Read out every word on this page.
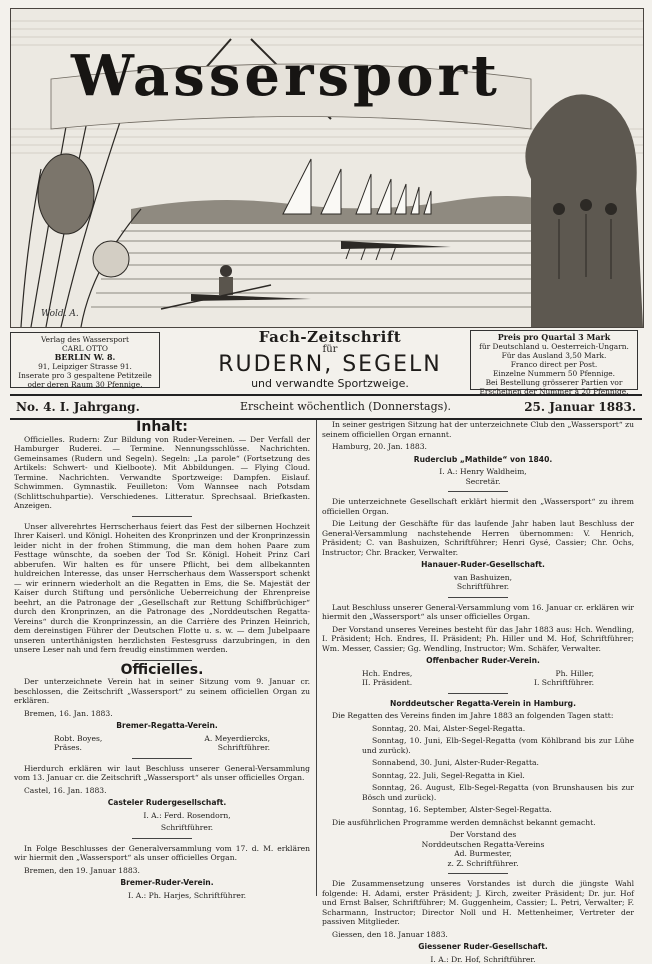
Wassersport
Wold. A.
Verlag des Wassersport
CARL OTTO
BERLIN W. 8.
91, Leipziger Strasse 91.
Inserate pro 3 gespaltene Petitzeile
oder deren Raum 30 Pfennige.
Fach-Zeitschrift
für
RUDERN, SEGELN
und verwandte Sportzweige.
Preis pro Quartal 3 Mark
für Deutschland u. Oesterreich-Ungarn.
Für das Ausland 3,50 Mark.
Franco direct per Post.
Einzelne Nummern 50 Pfennige.
Bei Bestellung grösserer Partien vor
Erscheinen der Nummer à 20 Pfennige.
No. 4. I. Jahrgang.	Erscheint wöchentlich (Donnerstags).	25. Januar 1883.
Inhalt:

Officielles. Rudern: Zur Bildung von Ruder-Vereinen. — Der Verfall der Hamburger Ruderei. — Termine. Nennungsschlüsse. Nachrichten. Gemeinsames (Rudern und Segeln). Segeln: „La parole“ (Fortsetzung des Artikels: Schwert- und Kielboote). Mit Abbildungen. — Flying Cloud. Termine. Nachrichten. Verwandte Sportzweige: Dampfen. Eislauf. Schwimmen. Gymnastik. Feuilleton: Vom Wannsee nach Potsdam (Schlittschuhpartie). Verschiedenes. Litteratur. Sprechsaal. Briefkasten. Anzeigen.

Unser allverehrtes Herrscherhaus feiert das Fest der silbernen Hochzeit Ihrer Kaiserl. und Königl. Hoheiten des Kronprinzen und der Kronprinzessin leider nicht in der frohen Stimmung, die man dem hohen Paare zum Festtage wünschte, da soeben der Tod Sr. Königl. Hoheit Prinz Carl abberufen. Wir halten es für unsere Pflicht, bei dem allbekannten huldreichen Interesse, das unser Herrscherhaus dem Wassersport schenkt — wir erinnern wiederholt an die Regatten in Ems, die Se. Majestät der Kaiser durch Stiftung und persönliche Ueberreichung der Ehrenpreise beehrt, an die Patronage der „Gesellschaft zur Rettung Schiffbrüchiger“ durch den Kronprinzen, an die Patronage des „Norddeutschen Regatta-Vereins“ durch die Kronprinzessin, an die Carrière des Prinzen Heinrich, dem dereinstigen Führer der Deutschen Flotte u. s. w. — dem Jubelpaare unseren unterthänigsten herzlichsten Festesgruss darzubringen, in den unsere Leser nah und fern freudig einstimmen werden.

Officielles.

Der unterzeichnete Verein hat in seiner Sitzung vom 9. Januar cr. beschlossen, die Zeitschrift „Wassersport“ zu seinem officiellen Organ zu erklären.

Bremen, 16. Jan. 1883.

Bremer-Regatta-Verein.

Robt. Boyes,	A. Meyerdiercks,
Präses.	Schriftführer.

Hierdurch erklären wir laut Beschluss unserer General-Versammlung vom 13. Januar cr. die Zeitschrift „Wassersport“ als unser officielles Organ.

Castel, 16. Jan. 1883.

Casteler Rudergesellschaft.

I. A.: Ferd. Rosendorn,

Schriftführer.

In Folge Beschlusses der Generalversammlung vom 17. d. M. erklären wir hiermit den „Wassersport“ als unser officielles Organ.

Bremen, den 19. Januar 1883.

Bremer-Ruder-Verein.

I. A.: Ph. Harjes, Schriftführer.

In seiner gestrigen Sitzung hat der unterzeichnete Club den „Wassersport“ zu seinem officiellen Organ ernannt.

Hamburg, 20. Jan. 1883.

Ruderclub „Mathilde“ von 1840.

I. A.: Henry Waldheim,

Secretär.

Die unterzeichnete Gesellschaft erklärt hiermit den „Wassersport“ zu ihrem officiellen Organ.

Die Leitung der Geschäfte für das laufende Jahr haben laut Beschluss der General-Versammlung nachstehende Herren übernommen: V. Henrich, Präsident; C. van Bashuizen, Schriftführer; Henri Gysé, Cassier; Chr. Ochs, Instructor; Chr. Bracker, Verwalter.

Hanauer-Ruder-Gesellschaft.

van Bashuizen,

Schriftführer.

Laut Beschluss unserer General-Versammlung vom 16. Januar cr. erklären wir hiermit den „Wassersport“ als unser officielles Organ.

Der Vorstand unseres Vereines besteht für das Jahr 1883 aus: Hch. Wendling, I. Präsident; Hch. Endres, II. Präsident; Ph. Hiller und M. Hof, Schriftführer; Wm. Messer, Cassier; Gg. Wendling, Instructor; Wm. Schäfer, Verwalter.

Offenbacher Ruder-Verein.

Hch. Endres,	Ph. Hiller,
II. Präsident.	I. Schriftführer.

Norddeutscher Regatta-Verein in Hamburg.

Die Regatten des Vereins finden im Jahre 1883 an folgenden Tagen statt:

Sonntag, 20. Mai, Alster-Segel-Regatta.

Sonntag, 10. Juni, Elb-Segel-Regatta (vom Köhlbrand bis zur Lühe und zurück).

Sonnabend, 30. Juni, Alster-Ruder-Regatta.

Sonntag, 22. Juli, Segel-Regatta in Kiel.

Sonntag, 26. August, Elb-Segel-Regatta (von Brunshausen bis zur Bösch und zurück).

Sonntag, 16. September, Alster-Segel-Regatta.

Die ausführlichen Programme werden demnächst bekannt gemacht.

Der Vorstand des

Norddeutschen Regatta-Vereins

Ad. Burmester,

z. Z. Schriftführer.

Die Zusammensetzung unseres Vorstandes ist durch die jüngste Wahl folgende: H. Adami, erster Präsident; J. Kirch, zweiter Präsident; Dr. jur. Hof und Ernst Balser, Schriftführer; M. Guggenheim, Cassier; L. Petri, Verwalter; F. Scharmann, Instructor; Director Noll und H. Mettenheimer, Vertreter der passiven Mitglieder.

Giessen, den 18. Januar 1883.

Giessener Ruder-Gesellschaft.

I. A.: Dr. Hof, Schriftführer.
